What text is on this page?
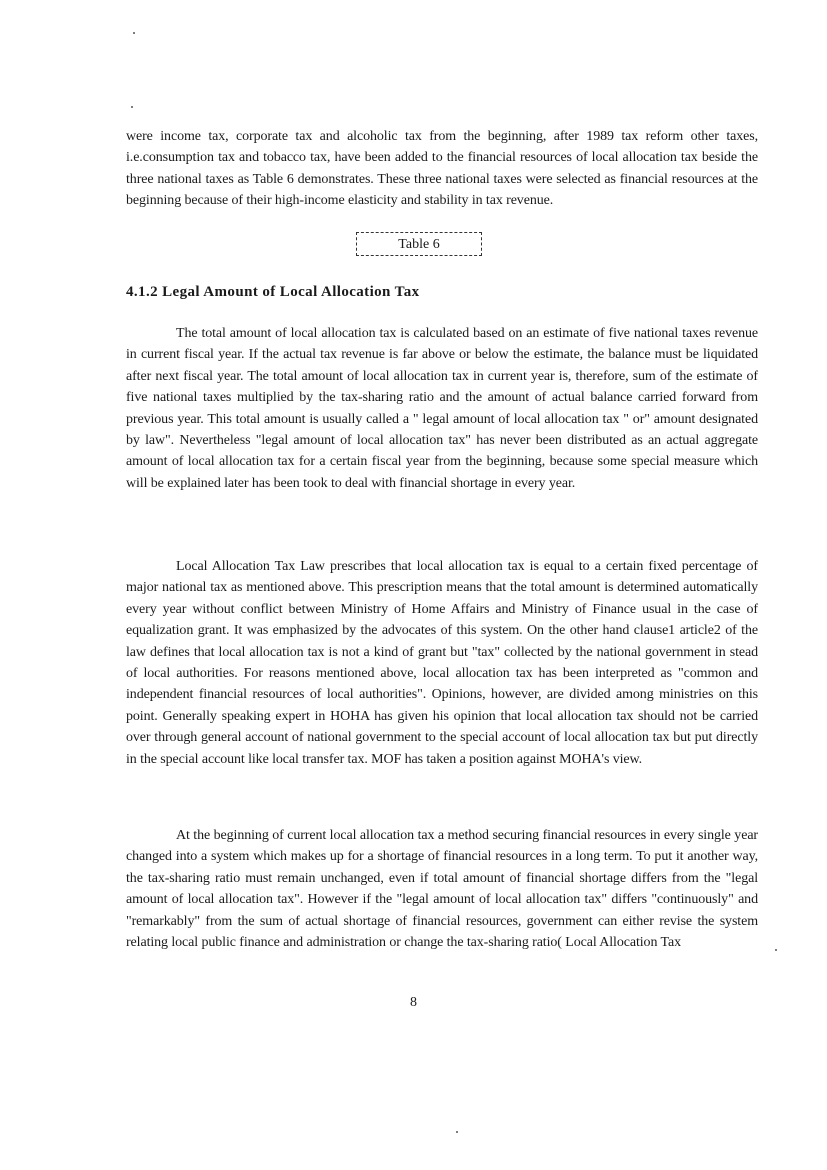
were income tax, corporate tax and alcoholic tax from the beginning, after 1989 tax reform other taxes, i.e.consumption tax and tobacco tax, have been added to the financial resources of local allocation tax beside the three national taxes as Table 6 demonstrates. These three national taxes were selected as financial resources at the beginning because of their high-income elasticity and stability in tax revenue.

Table 6
4.1.2 Legal Amount of Local Allocation Tax

The total amount of local allocation tax is calculated based on an estimate of five national taxes revenue in current fiscal year. If the actual tax revenue is far above or below the estimate, the balance must be liquidated after next fiscal year. The total amount of local allocation tax in current year is, therefore, sum of the estimate of five national taxes multiplied by the tax-sharing ratio and the amount of actual balance carried forward from previous year. This total amount is usually called a " legal amount of local allocation tax " or" amount designated by law". Nevertheless "legal amount of local allocation tax" has never been distributed as an actual aggregate amount of local allocation tax for a certain fiscal year from the beginning, because some special measure which will be explained later has been took to deal with financial shortage in every year.

Local Allocation Tax Law prescribes that local allocation tax is equal to a certain fixed percentage of major national tax as mentioned above. This prescription means that the total amount is determined automatically every year without conflict between Ministry of Home Affairs and Ministry of Finance usual in the case of equalization grant. It was emphasized by the advocates of this system. On the other hand clause1 article2 of the law defines that local allocation tax is not a kind of grant but "tax" collected by the national government in stead of local authorities. For reasons mentioned above, local allocation tax has been interpreted as "common and independent financial resources of local authorities". Opinions, however, are divided among ministries on this point. Generally speaking expert in HOHA has given his opinion that local allocation tax should not be carried over through general account of national government to the special account of local allocation tax but put directly in the special account like local transfer tax. MOF has taken a position against MOHA's view.

At the beginning of current local allocation tax a method securing financial resources in every single year changed into a system which makes up for a shortage of financial resources in a long term. To put it another way, the tax-sharing ratio must remain unchanged, even if total amount of financial shortage differs from the "legal amount of local allocation tax". However if the "legal amount of local allocation tax" differs "continuously" and "remarkably" from the sum of actual shortage of financial resources, government can either revise the system relating local public finance and administration or change the tax-sharing ratio( Local Allocation Tax

8
